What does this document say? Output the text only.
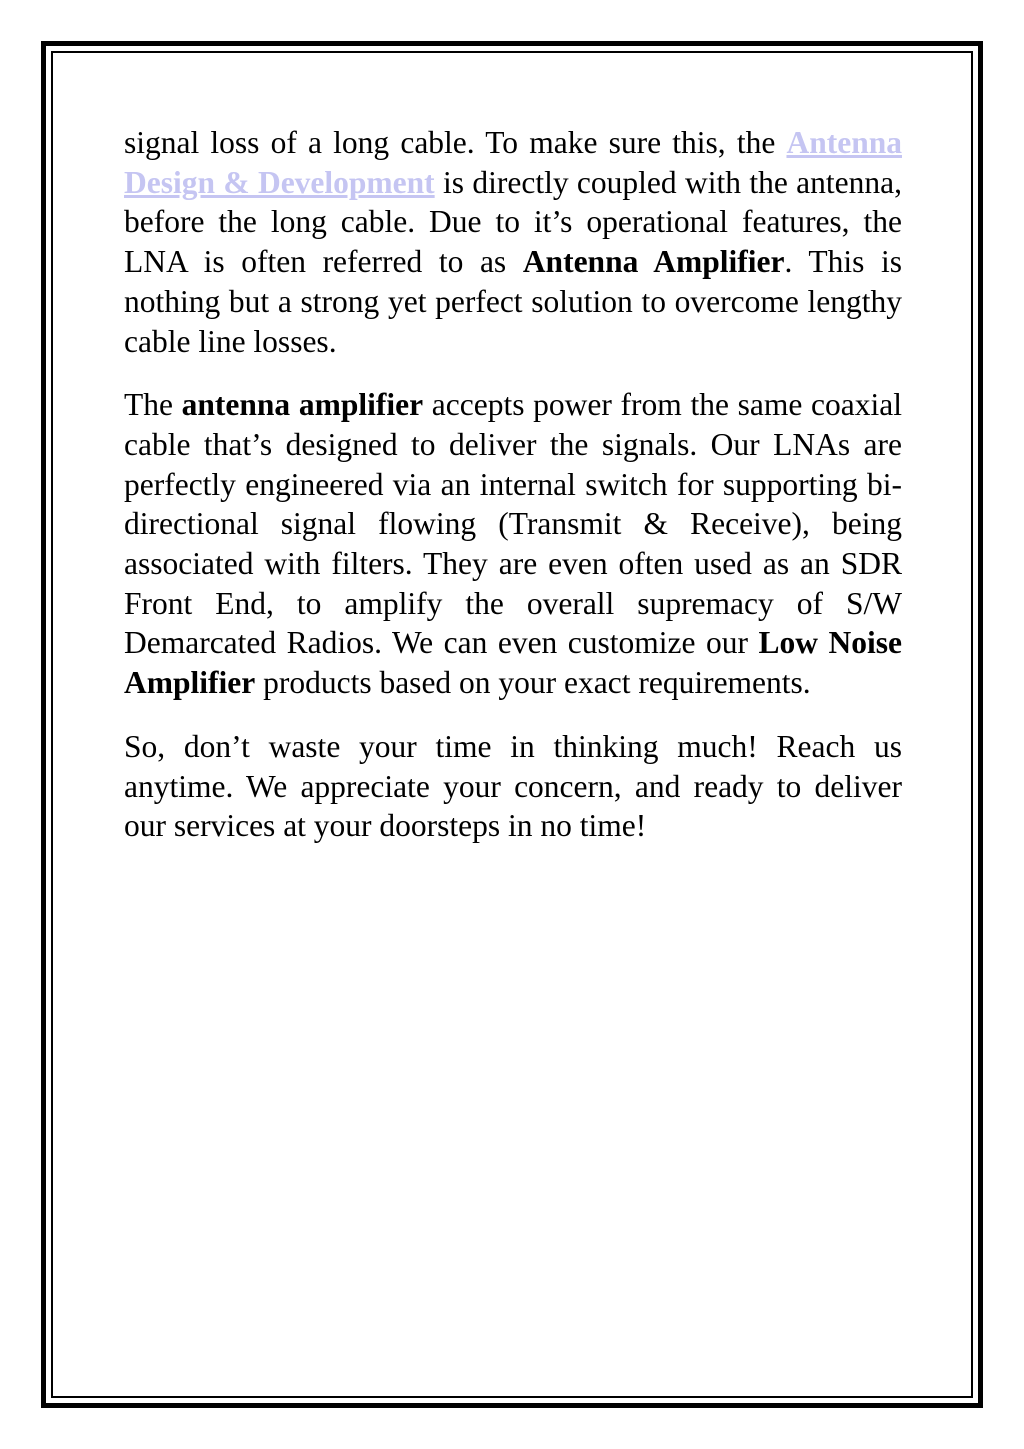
signal loss of a long cable. To make sure this, the Antenna Design & Development is directly coupled with the antenna, before the long cable. Due to it’s operational features, the LNA is often referred to as Antenna Amplifier. This is nothing but a strong yet perfect solution to overcome lengthy cable line losses.

The antenna amplifier accepts power from the same coaxial cable that’s designed to deliver the signals. Our LNAs are perfectly engineered via an internal switch for supporting bi-directional signal flowing (Transmit & Receive), being associated with filters. They are even often used as an SDR Front End, to amplify the overall supremacy of S/W Demarcated Radios. We can even customize our Low Noise Amplifier products based on your exact requirements.

So, don’t waste your time in thinking much! Reach us anytime. We appreciate your concern, and ready to deliver our services at your doorsteps in no time!
